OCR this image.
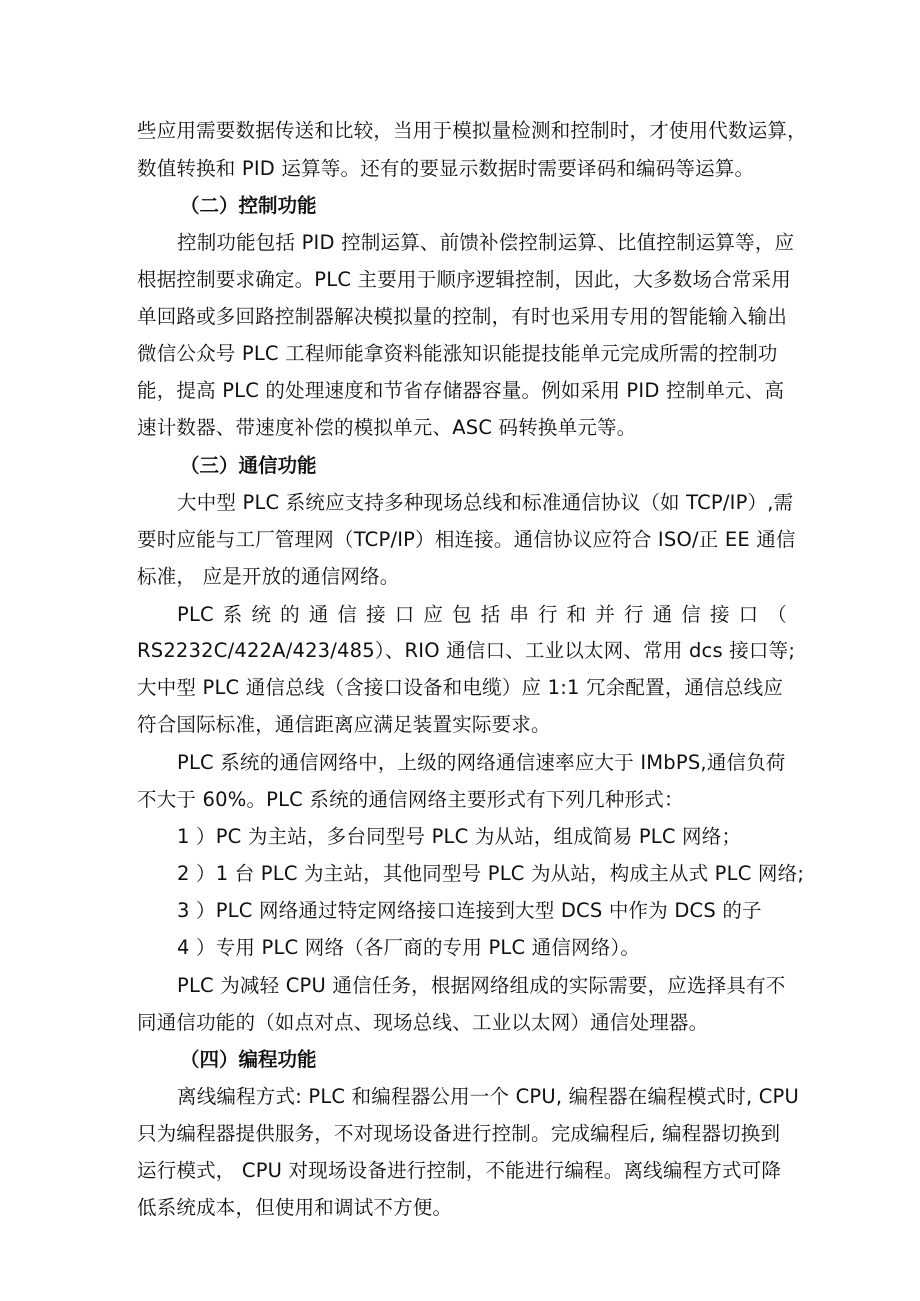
些应用需要数据传送和比较，当用于模拟量检测和控制时，才使用代数运算，
数值转换和 PID 运算等。还有的要显示数据时需要译码和编码等运算。
（二）控制功能
控制功能包括 PID 控制运算、前馈补偿控制运算、比值控制运算等，应
根据控制要求确定。PLC 主要用于顺序逻辑控制，因此，大多数场合常采用
单回路或多回路控制器解决模拟量的控制，有时也采用专用的智能输入输出
微信公众号 PLC 工程师能拿资料能涨知识能提技能单元完成所需的控制功
能，提高 PLC 的处理速度和节省存储器容量。例如采用 PID 控制单元、高
速计数器、带速度补偿的模拟单元、ASC 码转换单元等。
（三）通信功能
大中型 PLC 系统应支持多种现场总线和标准通信协议（如 TCP/IP）,需
要时应能与工厂管理网（TCP/IP）相连接。通信协议应符合 ISO/正 EE 通信
标准， 应是开放的通信网络。
PLC 系 统 的 通 信 接 口 应 包 括 串 行 和 并 行 通 信 接 口 （
RS2232C/422A/423/485）、RIO 通信口、工业以太网、常用 dcs 接口等;
大中型 PLC 通信总线（含接口设备和电缆）应 1:1 冗余配置，通信总线应
符合国际标准，通信距离应满足装置实际要求。
PLC 系统的通信网络中，上级的网络通信速率应大于 IMbPS,通信负荷
不大于 60%。PLC 系统的通信网络主要形式有下列几种形式：
1 ）PC 为主站，多台同型号 PLC 为从站，组成简易 PLC 网络；
2 ）1 台 PLC 为主站，其他同型号 PLC 为从站，构成主从式 PLC 网络;
3 ）PLC 网络通过特定网络接口连接到大型 DCS 中作为 DCS 的子
4 ）专用 PLC 网络（各厂商的专用 PLC 通信网络）。
PLC 为减轻 CPU 通信任务，根据网络组成的实际需要，应选择具有不
同通信功能的（如点对点、现场总线、工业以太网）通信处理器。
（四）编程功能
离线编程方式: PLC 和编程器公用一个 CPU, 编程器在编程模式时, CPU
只为编程器提供服务，不对现场设备进行控制。完成编程后, 编程器切换到
运行模式， CPU 对现场设备进行控制，不能进行编程。离线编程方式可降
低系统成本，但使用和调试不方便。
